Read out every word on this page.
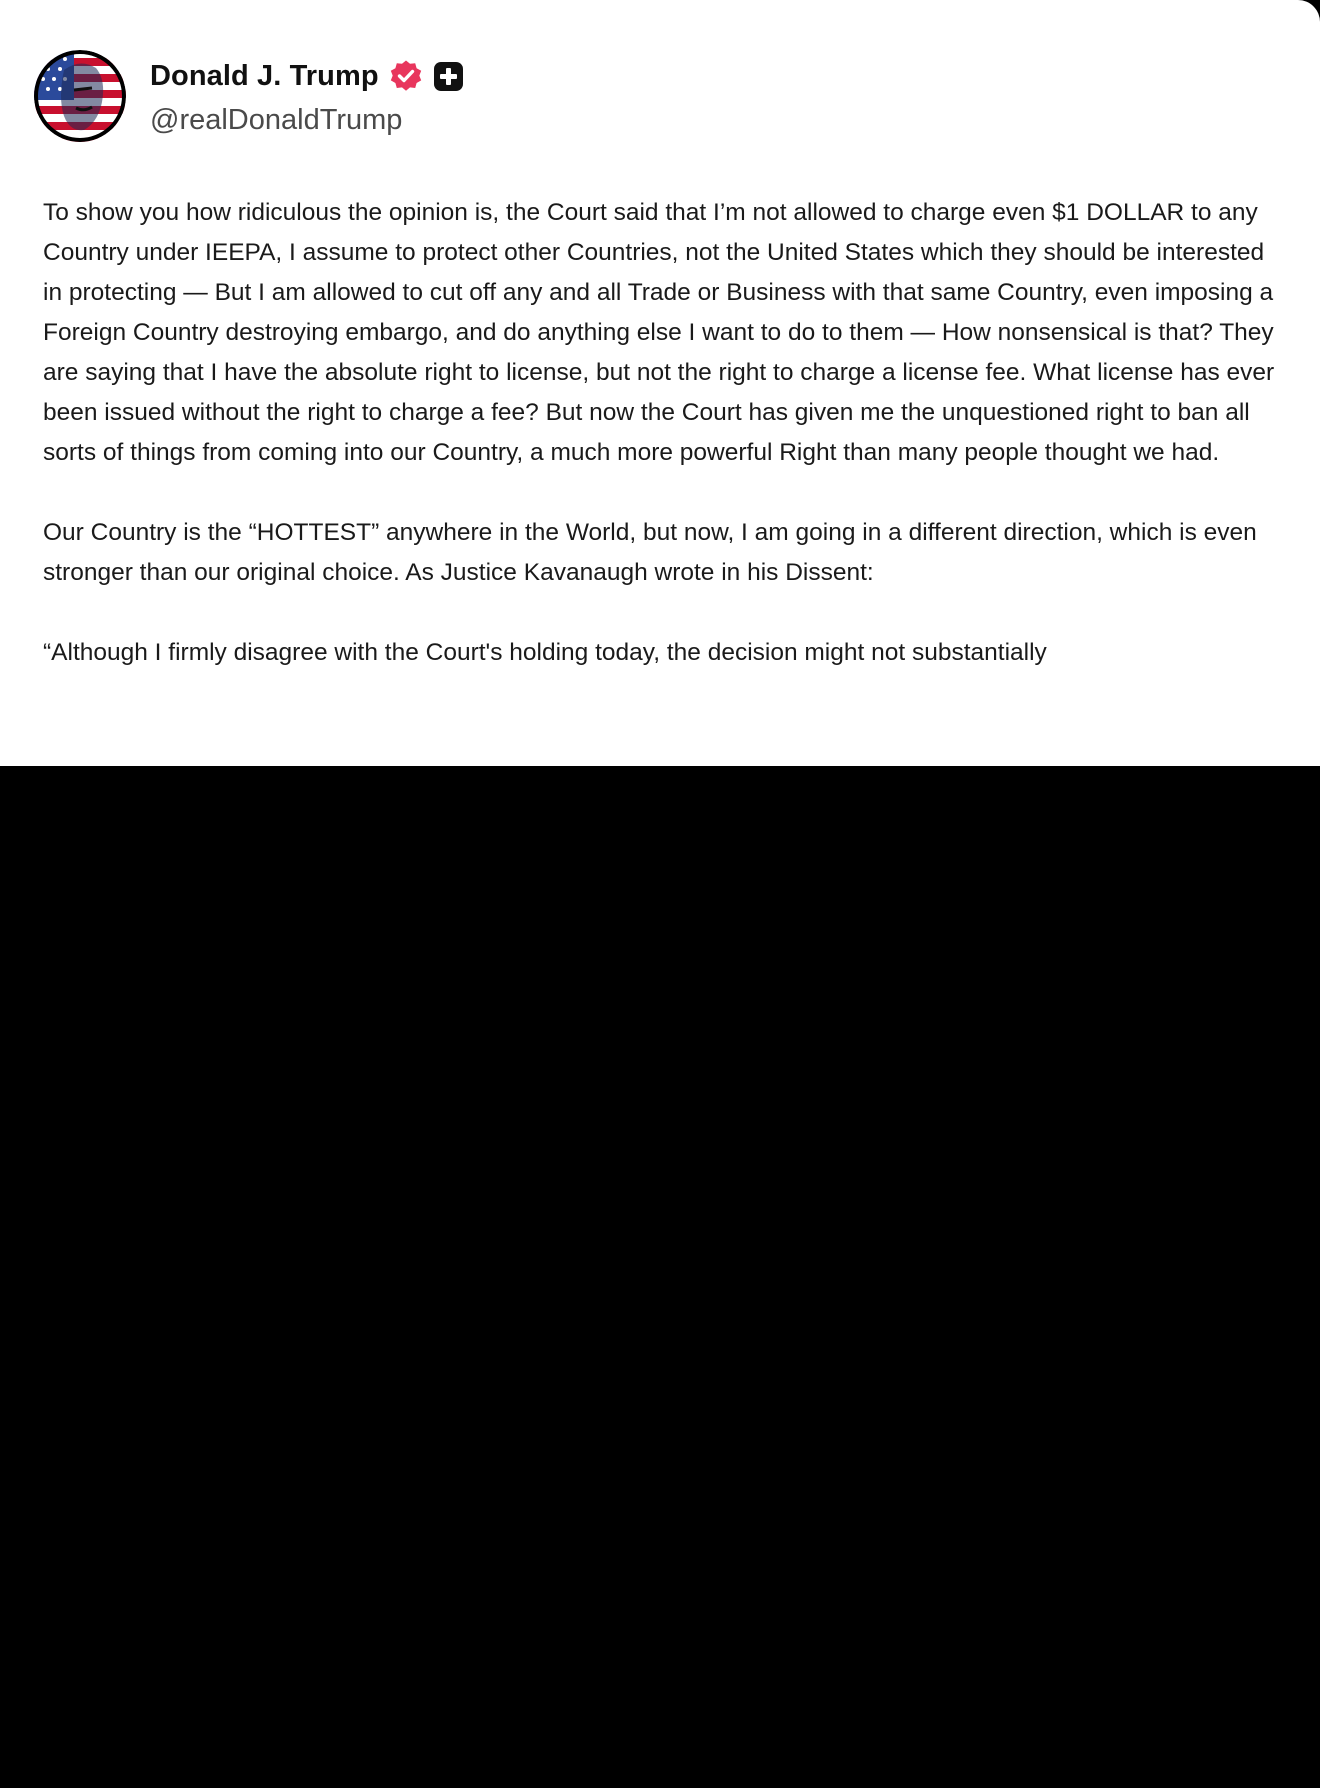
Donald J. Trump
@realDonaldTrump

To show you how ridiculous the opinion is, the Court said that I’m not allowed to charge even $1 DOLLAR to any Country under IEEPA, I assume to protect other Countries, not the United States which they should be interested in protecting — But I am allowed to cut off any and all Trade or Business with that same Country, even imposing a Foreign Country destroying embargo, and do anything else I want to do to them — How nonsensical is that? They are saying that I have the absolute right to license, but not the right to charge a license fee. What license has ever been issued without the right to charge a fee? But now the Court has given me the unquestioned right to ban all sorts of things from coming into our Country, a much more powerful Right than many people thought we had.

Our Country is the “HOTTEST” anywhere in the World, but now, I am going in a different direction, which is even stronger than our original choice. As Justice Kavanaugh wrote in his Dissent:

“Although I firmly disagree with the Court's holding today, the decision might not substantially
